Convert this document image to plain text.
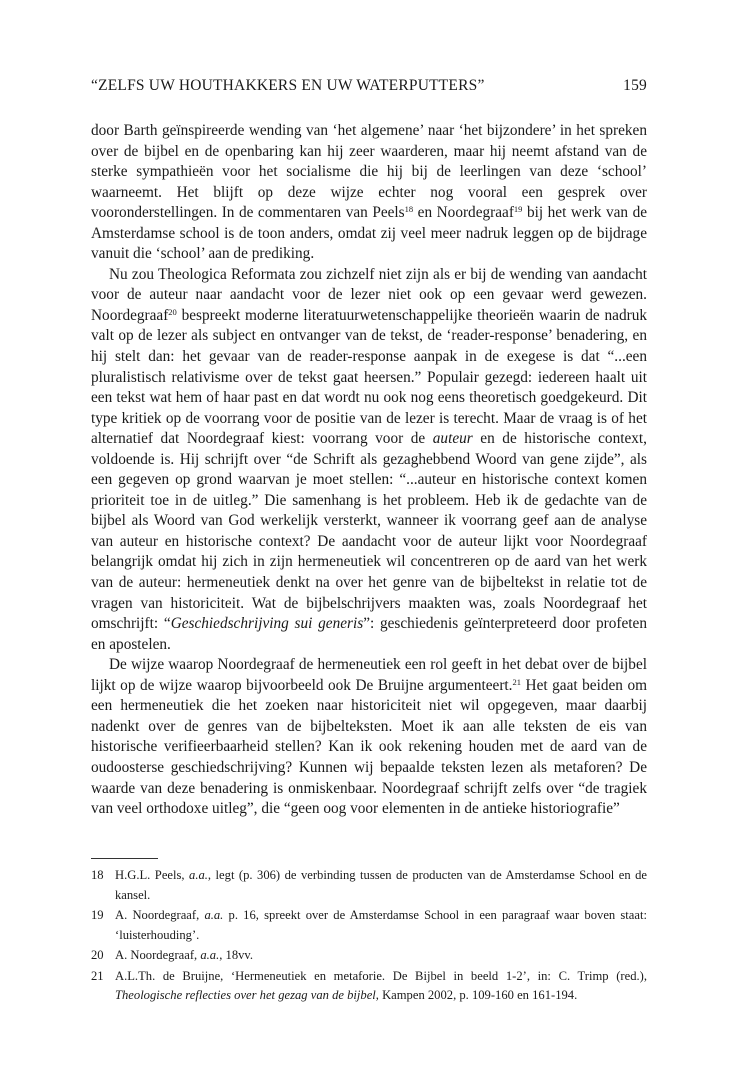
“ZELFS UW HOUTHAKKERS EN UW WATERPUTTERS”	159

door Barth geïnspireerde wending van ‘het algemene’ naar ‘het bijzondere’ in het spreken over de bijbel en de openbaring kan hij zeer waarderen, maar hij neemt afstand van de sterke sympathieën voor het socialisme die hij bij de leerlingen van deze ‘school’ waarneemt. Het blijft op deze wijze echter nog vooral een gesprek over vooronderstellingen. In de commentaren van Peels$^{18}$ en Noordegraaf$^{19}$ bij het werk van de Amsterdamse school is de toon anders, omdat zij veel meer nadruk leggen op de bijdrage vanuit die ‘school’ aan de prediking.

Nu zou Theologica Reformata zou zichzelf niet zijn als er bij de wending van aandacht voor de auteur naar aandacht voor de lezer niet ook op een gevaar werd gewezen. Noordegraaf$^{20}$ bespreekt moderne literatuurwetenschappelijke theorieën waarin de nadruk valt op de lezer als subject en ontvanger van de tekst, de ‘reader-response’ benadering, en hij stelt dan: het gevaar van de reader-response aanpak in de exegese is dat “...een pluralistisch relativisme over de tekst gaat heersen.” Populair gezegd: iedereen haalt uit een tekst wat hem of haar past en dat wordt nu ook nog eens theoretisch goedgekeurd. Dit type kritiek op de voorrang voor de positie van de lezer is terecht. Maar de vraag is of het alternatief dat Noordegraaf kiest: voorrang voor de auteur en de historische context, voldoende is. Hij schrijft over “de Schrift als gezaghebbend Woord van gene zijde”, als een gegeven op grond waarvan je moet stellen: “...auteur en historische context komen prioriteit toe in de uitleg.” Die samenhang is het probleem. Heb ik de gedachte van de bijbel als Woord van God werkelijk versterkt, wanneer ik voorrang geef aan de analyse van auteur en historische context? De aandacht voor de auteur lijkt voor Noordegraaf belangrijk omdat hij zich in zijn hermeneutiek wil concentreren op de aard van het werk van de auteur: hermeneutiek denkt na over het genre van de bijbeltekst in relatie tot de vragen van historiciteit. Wat de bijbelschrijvers maakten was, zoals Noordegraaf het omschrijft: “Geschiedschrijving sui generis”: geschiedenis geïnterpreteerd door profeten en apostelen.

De wijze waarop Noordegraaf de hermeneutiek een rol geeft in het debat over de bijbel lijkt op de wijze waarop bijvoorbeeld ook De Bruijne argumenteert.$^{21}$ Het gaat beiden om een hermeneutiek die het zoeken naar historiciteit niet wil opgegeven, maar daarbij nadenkt over de genres van de bijbelteksten. Moet ik aan alle teksten de eis van historische verifieerbaarheid stellen? Kan ik ook rekening houden met de aard van de oudoosterse geschiedschrijving? Kunnen wij bepaalde teksten lezen als metaforen? De waarde van deze benadering is onmiskenbaar. Noordegraaf schrijft zelfs over “de tragiek van veel orthodoxe uitleg”, die “geen oog voor elementen in de antieke historiografie”

18 H.G.L. Peels, a.a., legt (p. 306) de verbinding tussen de producten van de Amsterdamse School en de kansel.
19 A. Noordegraaf, a.a. p. 16, spreekt over de Amsterdamse School in een paragraaf waar boven staat: ‘luisterhouding’.
20 A. Noordegraaf, a.a., 18vv.
21 A.L.Th. de Bruijne, ‘Hermeneutiek en metaforie. De Bijbel in beeld 1-2’, in: C. Trimp (red.), Theologische reflecties over het gezag van de bijbel, Kampen 2002, p. 109-160 en 161-194.
